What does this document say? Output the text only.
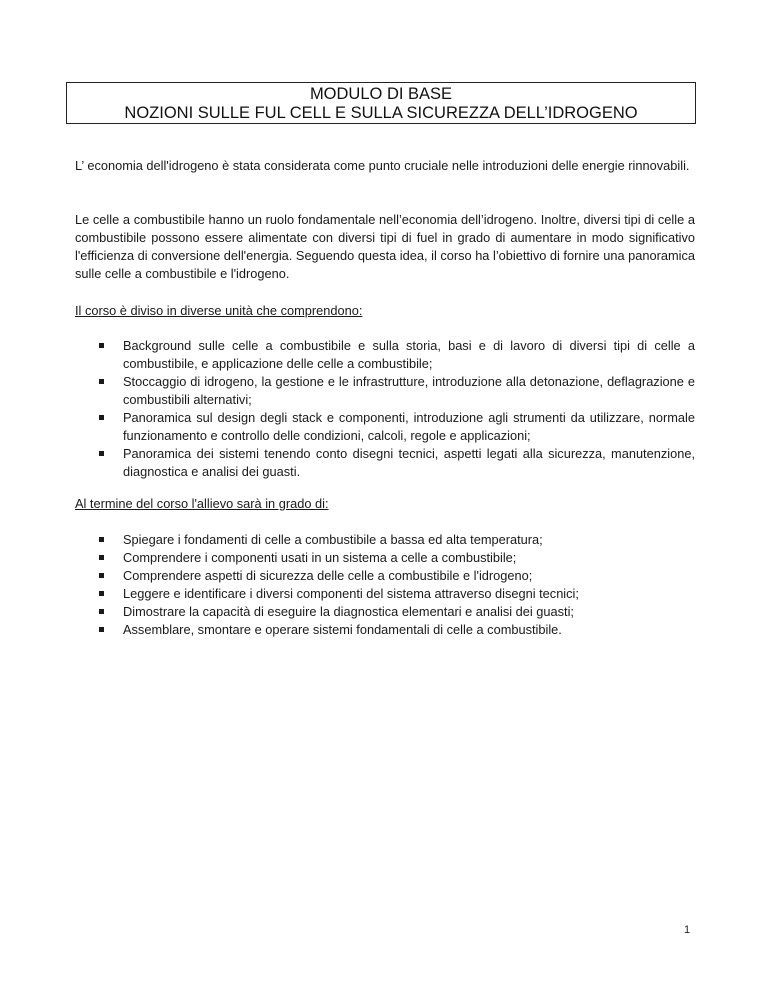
MODULO DI BASE
NOZIONI SULLE FUL CELL E SULLA SICUREZZA DELL’IDROGENO

L’ economia dell'idrogeno è stata considerata come punto cruciale nelle introduzioni delle energie rinnovabili.

Le celle a combustibile hanno un ruolo fondamentale nell’economia dell’idrogeno. Inoltre, diversi tipi di celle a combustibile possono essere alimentate con diversi tipi di fuel in grado di aumentare in modo significativo l'efficienza di conversione dell'energia. Seguendo questa idea, il corso ha l’obiettivo di fornire una panoramica sulle celle a combustibile e l'idrogeno.

Il corso è diviso in diverse unità che comprendono:

Background sulle celle a combustibile e sulla storia, basi e di lavoro di diversi tipi di celle a combustibile, e applicazione delle celle a combustibile;
Stoccaggio di idrogeno, la gestione e le infrastrutture, introduzione alla detonazione, deflagrazione e combustibili alternativi;
Panoramica sul design degli stack e componenti, introduzione agli strumenti da utilizzare, normale funzionamento e controllo delle condizioni, calcoli, regole e applicazioni;
Panoramica dei sistemi tenendo conto disegni tecnici, aspetti legati alla sicurezza, manutenzione, diagnostica e analisi dei guasti.

Al termine del corso l'allievo sarà in grado di:

Spiegare i fondamenti di celle a combustibile a bassa ed alta temperatura;
Comprendere i componenti usati in un sistema a celle a combustibile;
Comprendere aspetti di sicurezza delle celle a combustibile e l'idrogeno;
Leggere e identificare i diversi componenti del sistema attraverso disegni tecnici;
Dimostrare la capacità di eseguire la diagnostica elementari e analisi dei guasti;
Assemblare, smontare e operare sistemi fondamentali di celle a combustibile.
1
